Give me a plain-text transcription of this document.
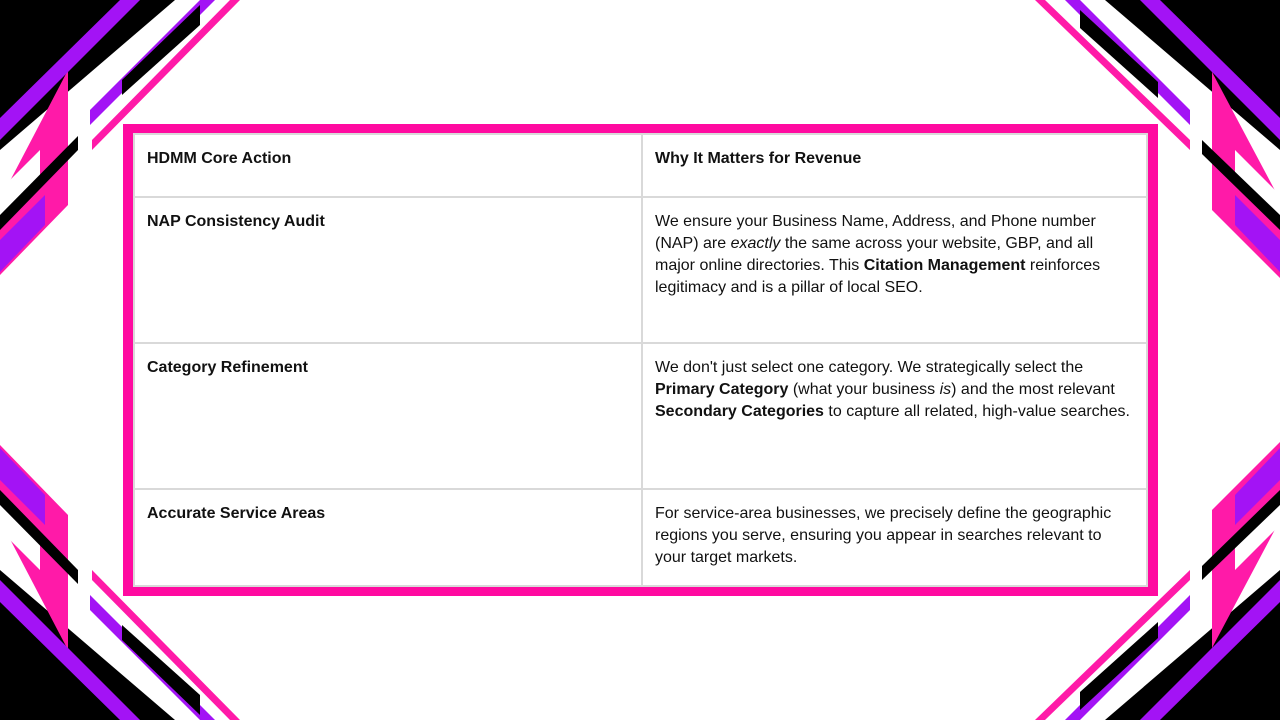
HDMM Core Action	Why It Matters for Revenue
NAP Consistency Audit	We ensure your Business Name, Address, and Phone number (NAP) are exactly the same across your website, GBP, and all major online directories. This Citation Management reinforces legitimacy and is a pillar of local SEO.
Category Refinement	We don't just select one category. We strategically select the Primary Category (what your business is) and the most relevant Secondary Categories to capture all related, high-value searches.
Accurate Service Areas	For service-area businesses, we precisely define the geographic regions you serve, ensuring you appear in searches relevant to your target markets.
